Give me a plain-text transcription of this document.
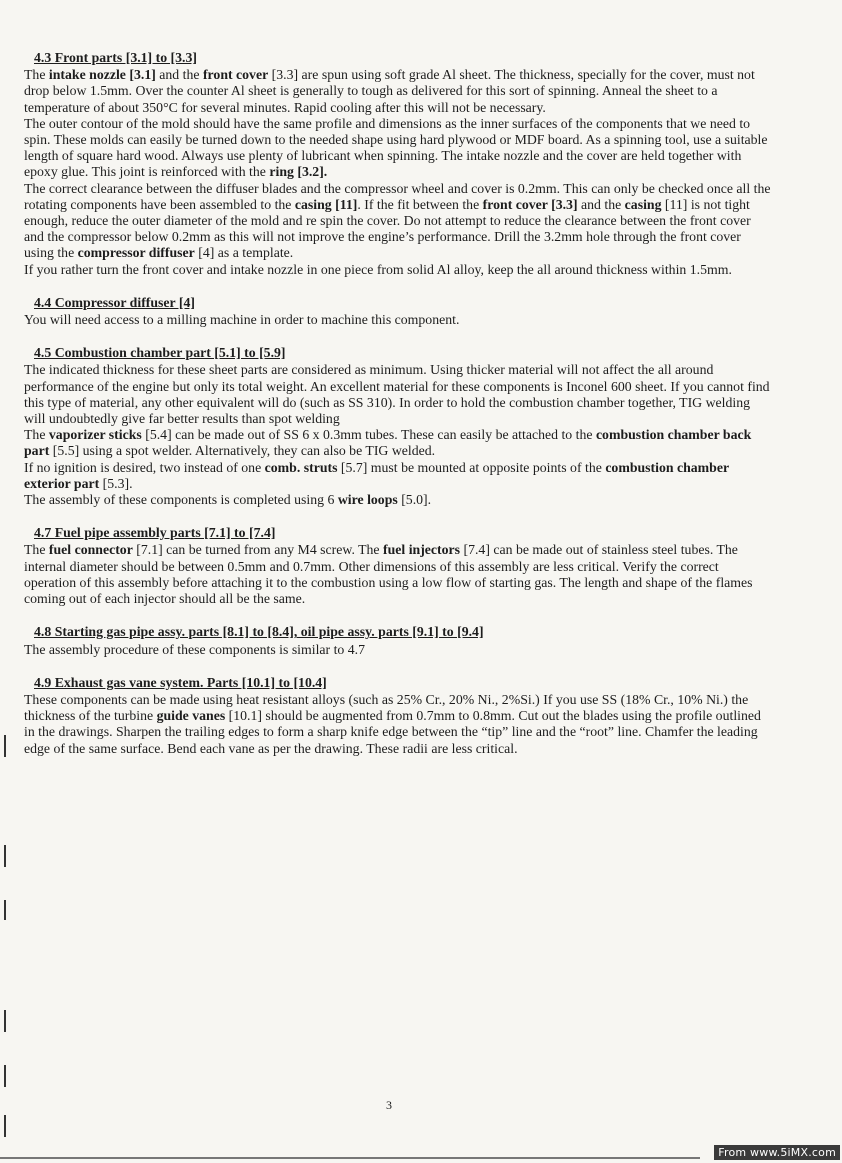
4.3 Front parts [3.1] to [3.3]

The intake nozzle [3.1] and the front cover [3.3] are spun using soft grade Al sheet. The thickness, specially for the cover, must not drop below 1.5mm. Over the counter Al sheet is generally to tough as delivered for this sort of spinning. Anneal the sheet to a temperature of about 350°C for several minutes. Rapid cooling after this will not be necessary.

The outer contour of the mold should have the same profile and dimensions as the inner surfaces of the components that we need to spin. These molds can easily be turned down to the needed shape using hard plywood or MDF board. As a spinning tool, use a suitable length of square hard wood. Always use plenty of lubricant when spinning. The intake nozzle and the cover are held together with epoxy glue. This joint is reinforced with the ring [3.2].

The correct clearance between the diffuser blades and the compressor wheel and cover is 0.2mm. This can only be checked once all the rotating components have been assembled to the casing [11]. If the fit between the front cover [3.3] and the casing [11] is not tight enough, reduce the outer diameter of the mold and re spin the cover. Do not attempt to reduce the clearance between the front cover and the compressor below 0.2mm as this will not improve the engine’s performance. Drill the 3.2mm hole through the front cover using the compressor diffuser [4] as a template.

If you rather turn the front cover and intake nozzle in one piece from solid Al alloy, keep the all around thickness within 1.5mm.

4.4 Compressor diffuser [4]

You will need access to a milling machine in order to machine this component.

4.5 Combustion chamber part [5.1] to [5.9]

The indicated thickness for these sheet parts are considered as minimum. Using thicker material will not affect the all around performance of the engine but only its total weight. An excellent material for these components is Inconel 600 sheet. If you cannot find this type of material, any other equivalent will do (such as SS 310). In order to hold the combustion chamber together, TIG welding will undoubtedly give far better results than spot welding

The vaporizer sticks [5.4] can be made out of SS 6 x 0.3mm tubes. These can easily be attached to the combustion chamber back part [5.5] using a spot welder. Alternatively, they can also be TIG welded.

If no ignition is desired, two instead of one comb. struts [5.7] must be mounted at opposite points of the combustion chamber exterior part [5.3].

The assembly of these components is completed using 6 wire loops [5.0].

4.7 Fuel pipe assembly parts [7.1] to [7.4]

The fuel connector [7.1] can be turned from any M4 screw. The fuel injectors [7.4] can be made out of stainless steel tubes. The internal diameter should be between 0.5mm and 0.7mm. Other dimensions of this assembly are less critical. Verify the correct operation of this assembly before attaching it to the combustion using a low flow of starting gas. The length and shape of the flames coming out of each injector should all be the same.

4.8 Starting gas pipe assy. parts [8.1] to [8.4], oil pipe assy. parts [9.1] to [9.4]

The assembly procedure of these components is similar to 4.7

4.9 Exhaust gas vane system. Parts [10.1] to [10.4]

These components can be made using heat resistant alloys (such as 25% Cr., 20% Ni., 2%Si.) If you use SS (18% Cr., 10% Ni.) the thickness of the turbine guide vanes [10.1] should be augmented from 0.7mm to 0.8mm. Cut out the blades using the profile outlined in the drawings. Sharpen the trailing edges to form a sharp knife edge between the “tip” line and the “root” line. Chamfer the leading edge of the same surface. Bend each vane as per the drawing. These radii are less critical.

3
From www.5iMX.com
